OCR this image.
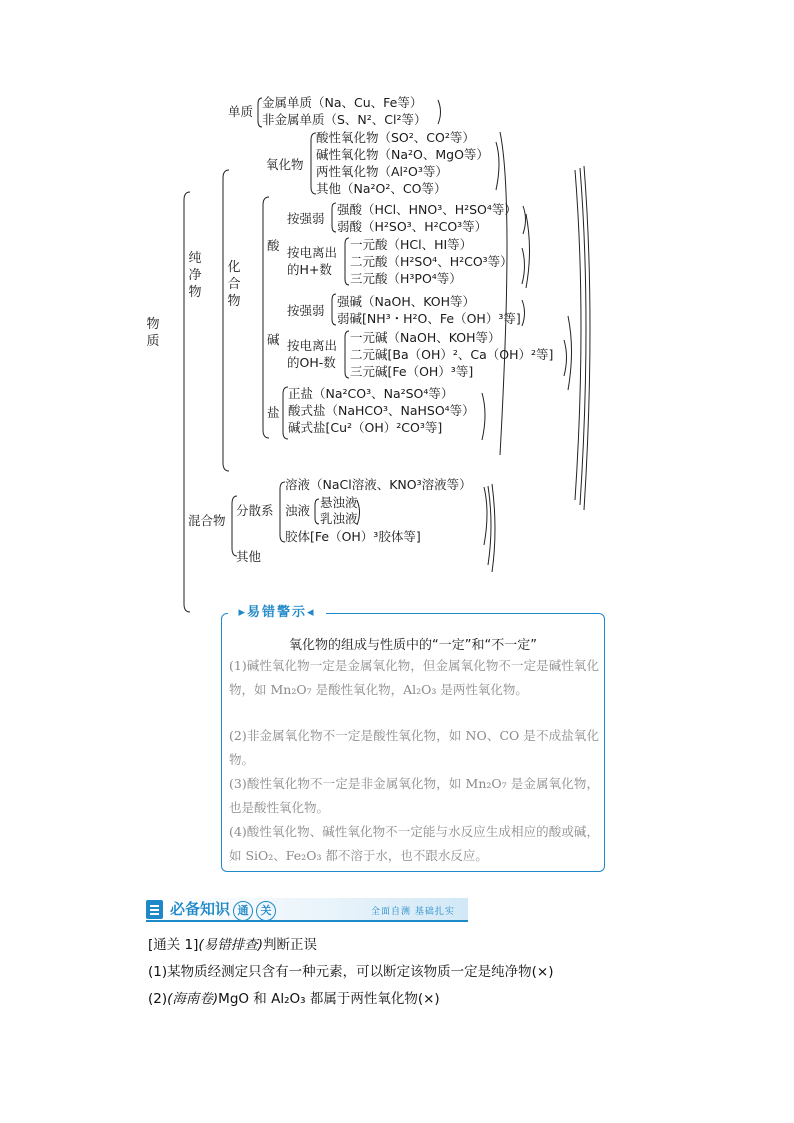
物质
纯净物
化合物
单质
金属单质（Na、Cu、Fe等）
非金属单质（S、N²、Cl²等）
氧化物
酸性氧化物（SO²、CO²等）
碱性氧化物（Na²O、MgO等）
两性氧化物（Al²O³等）
其他（Na²O²、CO等）
酸
按强弱
强酸（HCl、HNO³、H²SO⁴等）
弱酸（H²SO³、H²CO³等）
按电离出
的H+数
一元酸（HCl、HI等）
二元酸（H²SO⁴、H²CO³等）
三元酸（H³PO⁴等）
碱
按强弱
强碱（NaOH、KOH等）
弱碱[NH³・H²O、Fe（OH）³等]
按电离出
的OH-数
一元碱（NaOH、KOH等）
二元碱[Ba（OH）²、Ca（OH）²等]
三元碱[Fe（OH）³等]
盐
正盐（Na²CO³、Na²SO⁴等）
酸式盐（NaHCO³、NaHSO⁴等）
碱式盐[Cu²（OH）²CO³等]
混合物
分散系
其他
溶液（NaCl溶液、KNO³溶液等）
浊液
悬浊液
乳浊液
胶体[Fe（OH）³胶体等]
▸易错警示◂
氧化物的组成与性质中的“一定”和“不一定”
(1)碱性氧化物一定是金属氧化物，但金属氧化物不一定是碱性氧化物，如 Mn₂O₇ 是酸性氧化物，Al₂O₃ 是两性氧化物。
(2)非金属氧化物不一定是酸性氧化物，如 NO、CO 是不成盐氧化物。
(3)酸性氧化物不一定是非金属氧化物，如 Mn₂O₇ 是金属氧化物，也是酸性氧化物。
(4)酸性氧化物、碱性氧化物不一定能与水反应生成相应的酸或碱，如 SiO₂、Fe₂O₃ 都不溶于水，也不跟水反应。
必备知识 通 关	全面自测 基础扎实
[通关 1](易错排查)判断正误
(1)某物质经测定只含有一种元素，可以断定该物质一定是纯净物(×)
(2)(海南卷)MgO 和 Al₂O₃ 都属于两性氧化物(×)
